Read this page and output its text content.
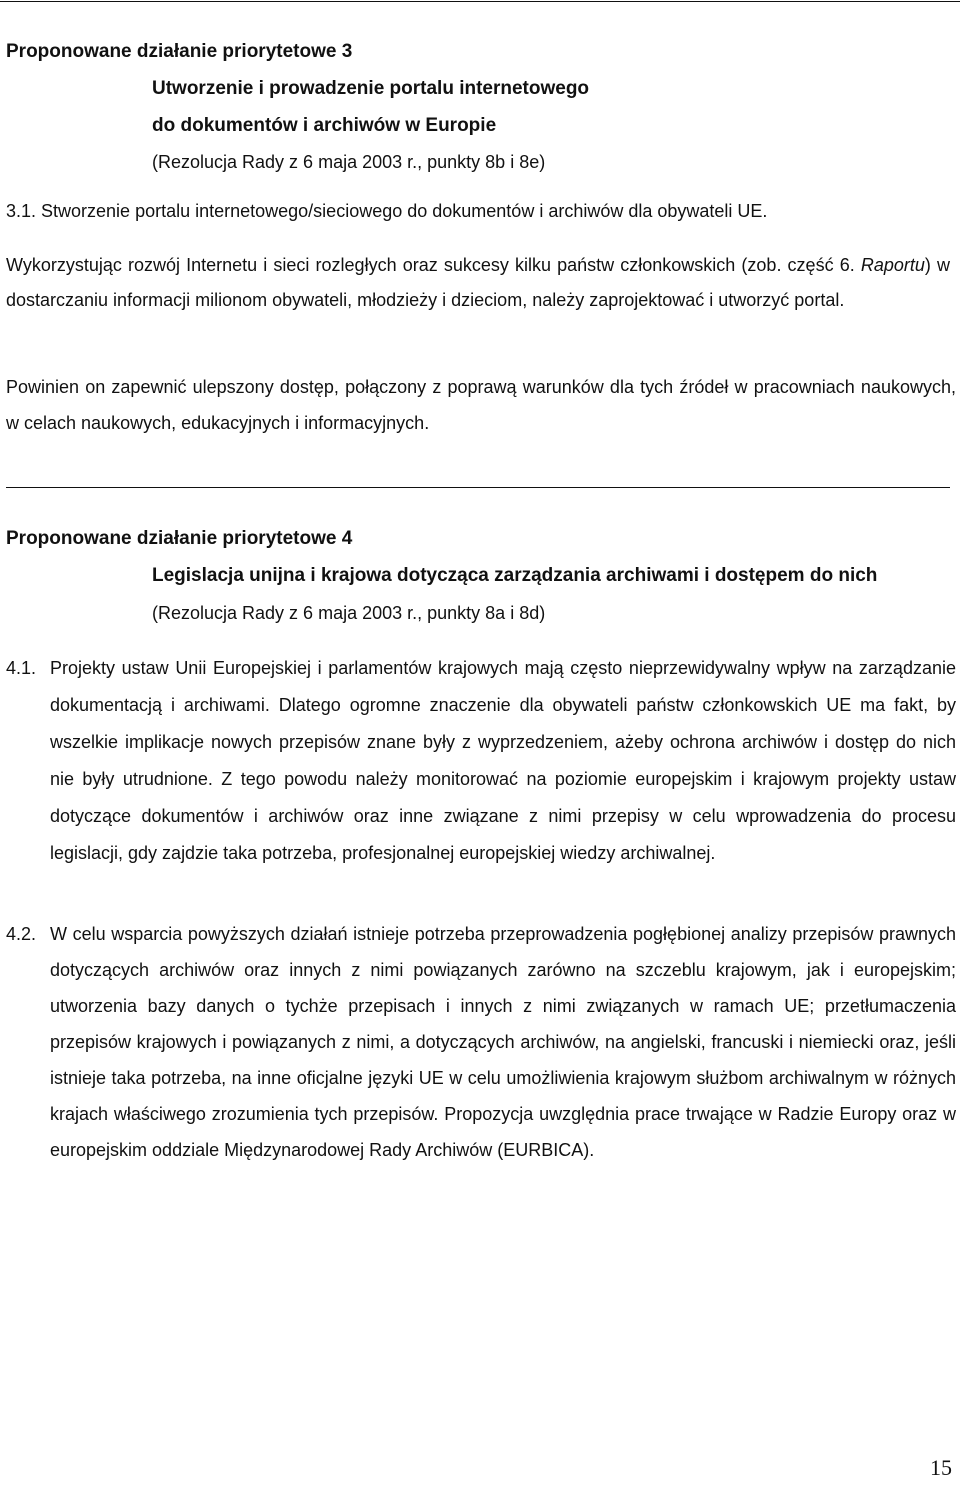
Proponowane działanie priorytetowe 3
Utworzenie i prowadzenie portalu internetowego
do dokumentów i archiwów w Europie
(Rezolucja Rady z 6 maja 2003 r., punkty 8b i 8e)
3.1. Stworzenie portalu internetowego/sieciowego do dokumentów i archiwów dla obywateli UE.

Wykorzystując rozwój Internetu i sieci rozległych oraz sukcesy kilku państw członkowskich (zob. część 6. Raportu) w dostarczaniu informacji milionom obywateli, młodzieży i dzieciom, należy zaprojektować i utworzyć portal.

Powinien on zapewnić ulepszony dostęp, połączony z poprawą warunków dla tych źródeł w pracowniach naukowych, w celach naukowych, edukacyjnych i informacyjnych.

Proponowane działanie priorytetowe 4
Legislacja unijna i krajowa dotycząca zarządzania archiwami i dostępem do nich
(Rezolucja Rady z 6 maja 2003 r., punkty 8a i 8d)

4.1. Projekty ustaw Unii Europejskiej i parlamentów krajowych mają często nieprzewidywalny wpływ na zarządzanie dokumentacją i archiwami. Dlatego ogromne znaczenie dla obywateli państw członkowskich UE ma fakt, by wszelkie implikacje nowych przepisów znane były z wyprzedzeniem, ażeby ochrona archiwów i dostęp do nich nie były utrudnione. Z tego powodu należy monitorować na poziomie europejskim i krajowym projekty ustaw dotyczące dokumentów i archiwów oraz inne związane z nimi przepisy w celu wprowadzenia do procesu legislacji, gdy zajdzie taka potrzeba, profesjonalnej europejskiej wiedzy archiwalnej.

4.2. W celu wsparcia powyższych działań istnieje potrzeba przeprowadzenia pogłębionej analizy przepisów prawnych dotyczących archiwów oraz innych z nimi powiązanych zarówno na szczeblu krajowym, jak i europejskim; utworzenia bazy danych o tychże przepisach i innych z nimi związanych w ramach UE; przetłumaczenia przepisów krajowych i powiązanych z nimi, a dotyczących archiwów, na angielski, francuski i niemiecki oraz, jeśli istnieje taka potrzeba, na inne oficjalne języki UE w celu umożliwienia krajowym służbom archiwalnym w różnych krajach właściwego zrozumienia tych przepisów. Propozycja uwzględnia prace trwające w Radzie Europy oraz w europejskim oddziale Międzynarodowej Rady Archiwów (EURBICA).

15
